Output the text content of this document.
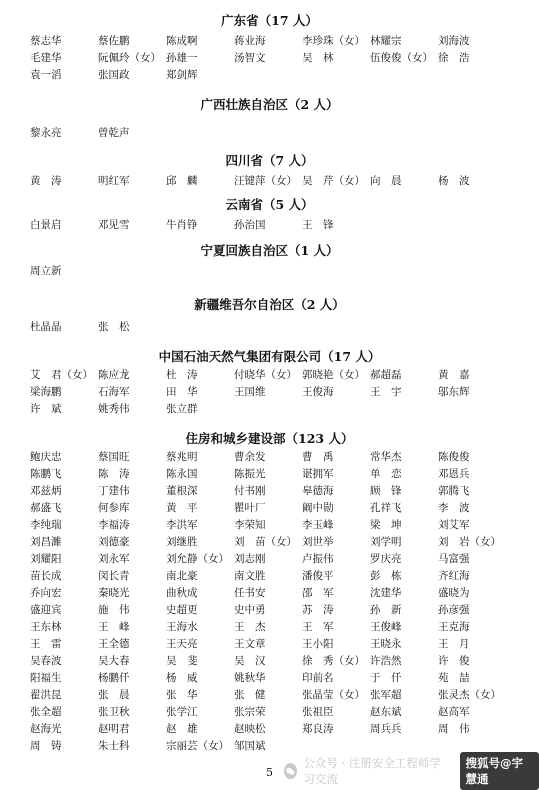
广东省（17 人）
蔡志华	蔡佐鹏	陈成啊	蒋业海	李珍珠（女） 林耀宗	刘海波
毛建华	阮佩玲（女） 孙雄一	汤智文	吴　林	伍俊俊（女） 徐　浩
袁一滔	张国政	郑剑辉
广西壮族自治区（2 人）
黎永亮	曾乾声
四川省（7 人）
黄　涛	明红军	邱　麟	汪键萍（女） 吴　芹（女） 向　晨	杨　波
云南省（5 人）
白景启	邓见雪	牛肖铮	孙治国	王　锋
宁夏回族自治区（1 人）
周立新
新疆维吾尔自治区（2 人）
杜晶晶	张　松
中国石油天然气集团有限公司（17 人）
艾　君（女） 陈应龙	杜　涛	付晓华（女） 郭晓艳（女） 郝超磊	黄　嘉
梁海鹏	石海军	田　华	王国维	王俊海	王　宇	邬东辉
许　斌	姚秀伟	张立群
住房和城乡建设部（123 人）
鲍庆忠	蔡国旺	蔡兆明	曹余发	曹　禹	常华杰	陈俊俊
陈鹏飞	陈　涛	陈永国	陈振光	谌拥军	单　恋	邓恩兵
邓兹炳	丁建伟	董根深	付书刚	皋德海	顾　锋	郭腾飞
郝盛飞	何参库	黄　平	瞿叶厂	阚中勋	孔祥飞	李　波
李纯瑞	李福涛	李洪军	李荣知	李玉峰	梁　坤	刘艾军
刘昌濉	刘德豪	刘继胜	刘　苗（女） 刘世举	刘学明	刘　岩（女）
刘耀阳	刘永军	刘允静（女） 刘志刚	卢振伟	罗庆亮	马富强
苗长成	闵长青	南北豪	南文胜	潘俊平	彭　栋	齐红海
乔向宏	秦晓光	曲秋成	任书安	邵　军	沈建华	盛晓为
盛迎宾	施　伟	史超更	史中勇	苏　涛	孙　新	孙彦强
王东林	王　峰	王海水	王　杰	王　军	王俊峰	王克海
王　雷	王全德	王天亮	王文章	王小阳	王晓永	王　月
吴春波	吴大春	吴　斐	吴　汉	徐　秀（女） 许浩然	许　俊
阳福生	杨鹏仟	杨　威	姚秋华	印前名	于　仟	苑　喆
翟洪昆	张　晨	张　华	张　健	张晶莹（女） 张军超	张灵杰（女）
张全超	张卫秋	张学江	张宗荣	张祖臣	赵东斌	赵高军
赵海光	赵明君	赵　雄	赵映松	郑良涛	周兵兵	周　伟
周　铸	朱士科	宗丽芸（女） 邹国斌
5
公众号 · 注册安全工程师学习交流
搜狐号@宇慧通
